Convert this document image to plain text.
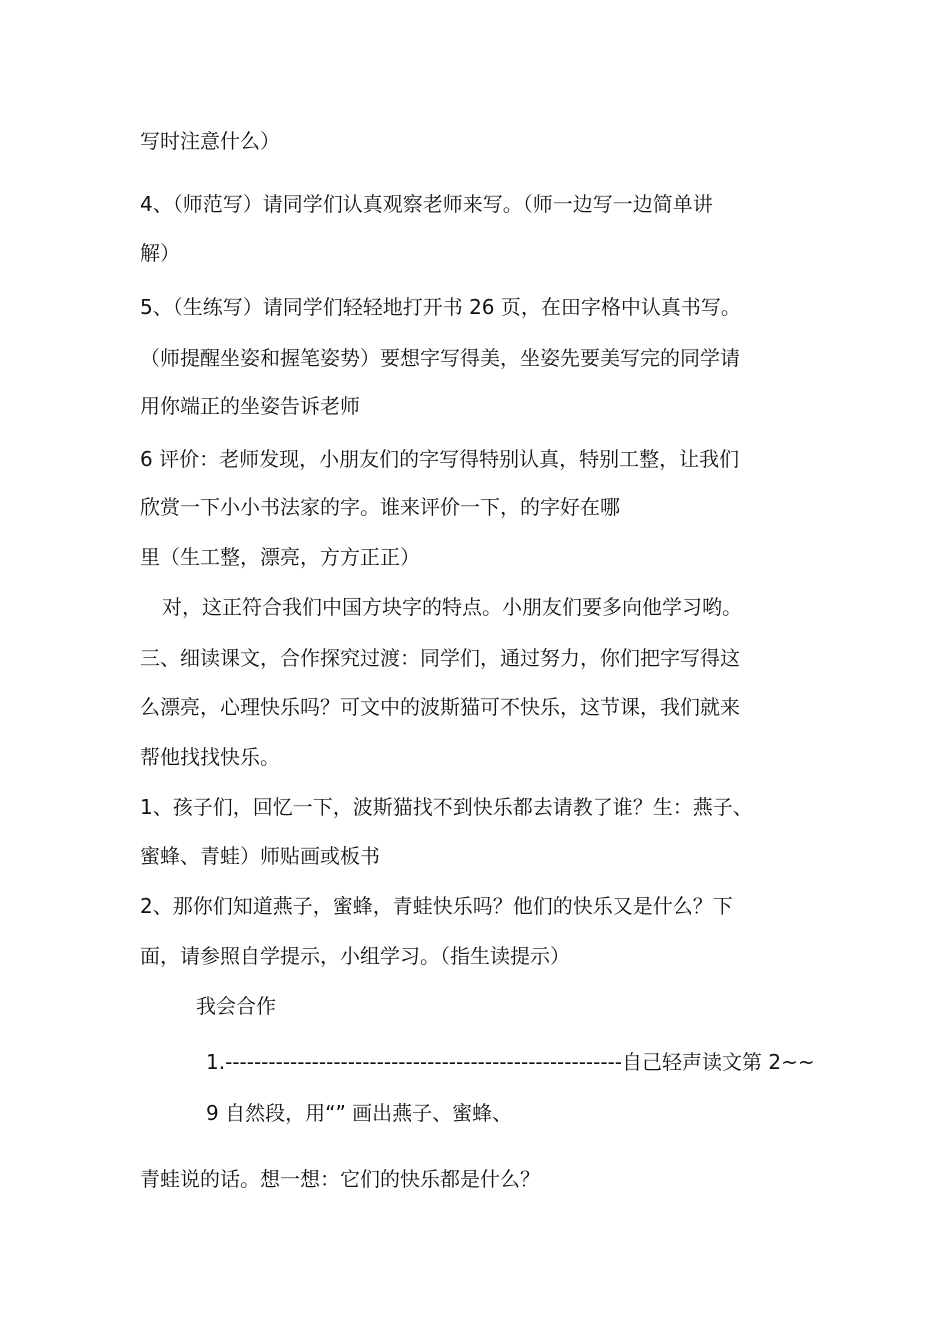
写时注意什么）
4、（师范写）请同学们认真观察老师来写。（师一边写一边简单讲
解）
5、（生练写）请同学们轻轻地打开书 26 页，在田字格中认真书写。
（师提醒坐姿和握笔姿势）要想字写得美，坐姿先要美写完的同学请
用你端正的坐姿告诉老师
6 评价：老师发现，小朋友们的字写得特别认真，特别工整，让我们
欣赏一下小小书法家的字。谁来评价一下，的字好在哪
里（生工整，漂亮，方方正正）
对，这正符合我们中国方块字的特点。小朋友们要多向他学习哟。
三、细读课文，合作探究过渡：同学们，通过努力，你们把字写得这
么漂亮，心理快乐吗？可文中的波斯猫可不快乐，这节课，我们就来
帮他找找快乐。
1、孩子们，回忆一下，波斯猫找不到快乐都去请教了谁？生：燕子、
蜜蜂、青蛙）师贴画或板书
2、那你们知道燕子，蜜蜂，青蛙快乐吗？他们的快乐又是什么？下
面，请参照自学提示，小组学习。（指生读提示）
我会合作
1.-------------------------------------------------------自己轻声读文第 2~~
9 自然段，用“” 画出燕子、蜜蜂、
青蛙说的话。想一想：它们的快乐都是什么？
